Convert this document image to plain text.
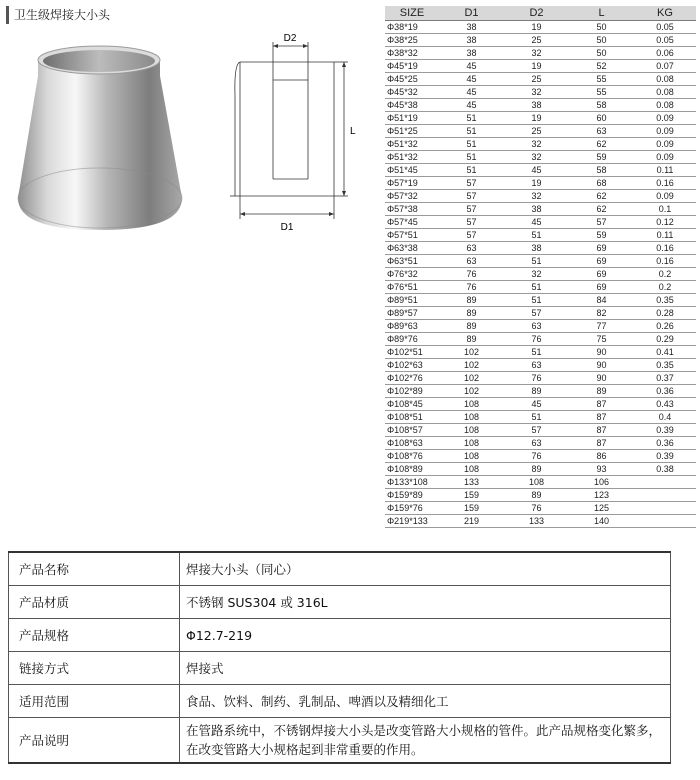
卫生级焊接大小头
D2
D1
L
SIZE	D1	D2	L	KG
Φ38*19	38	19	50	0.05
Φ38*25	38	25	50	0.05
Φ38*32	38	32	50	0.06
Φ45*19	45	19	52	0.07
Φ45*25	45	25	55	0.08
Φ45*32	45	32	55	0.08
Φ45*38	45	38	58	0.08
Φ51*19	51	19	60	0.09
Φ51*25	51	25	63	0.09
Φ51*32	51	32	62	0.09
Φ51*32	51	32	59	0.09
Φ51*45	51	45	58	0.11
Φ57*19	57	19	68	0.16
Φ57*32	57	32	62	0.09
Φ57*38	57	38	62	0.1
Φ57*45	57	45	57	0.12
Φ57*51	57	51	59	0.11
Φ63*38	63	38	69	0.16
Φ63*51	63	51	69	0.16
Φ76*32	76	32	69	0.2
Φ76*51	76	51	69	0.2
Φ89*51	89	51	84	0.35
Φ89*57	89	57	82	0.28
Φ89*63	89	63	77	0.26
Φ89*76	89	76	75	0.29
Φ102*51	102	51	90	0.41
Φ102*63	102	63	90	0.35
Φ102*76	102	76	90	0.37
Φ102*89	102	89	89	0.36
Φ108*45	108	45	87	0.43
Φ108*51	108	51	87	0.4
Φ108*57	108	57	87	0.39
Φ108*63	108	63	87	0.36
Φ108*76	108	76	86	0.39
Φ108*89	108	89	93	0.38
Φ133*108	133	108	106	
Φ159*89	159	89	123	
Φ159*76	159	76	125	
Φ219*133	219	133	140	
产品名称	焊接大小头（同心）
产品材质	不锈钢 SUS304 或 316L
产品规格	Φ12.7-219
链接方式	焊接式
适用范围	食品、饮料、制药、乳制品、啤酒以及精细化工
产品说明	在管路系统中，不锈钢焊接大小头是改变管路大小规格的管件。此产品规格变化繁多，在改变管路大小规格起到非常重要的作用。
